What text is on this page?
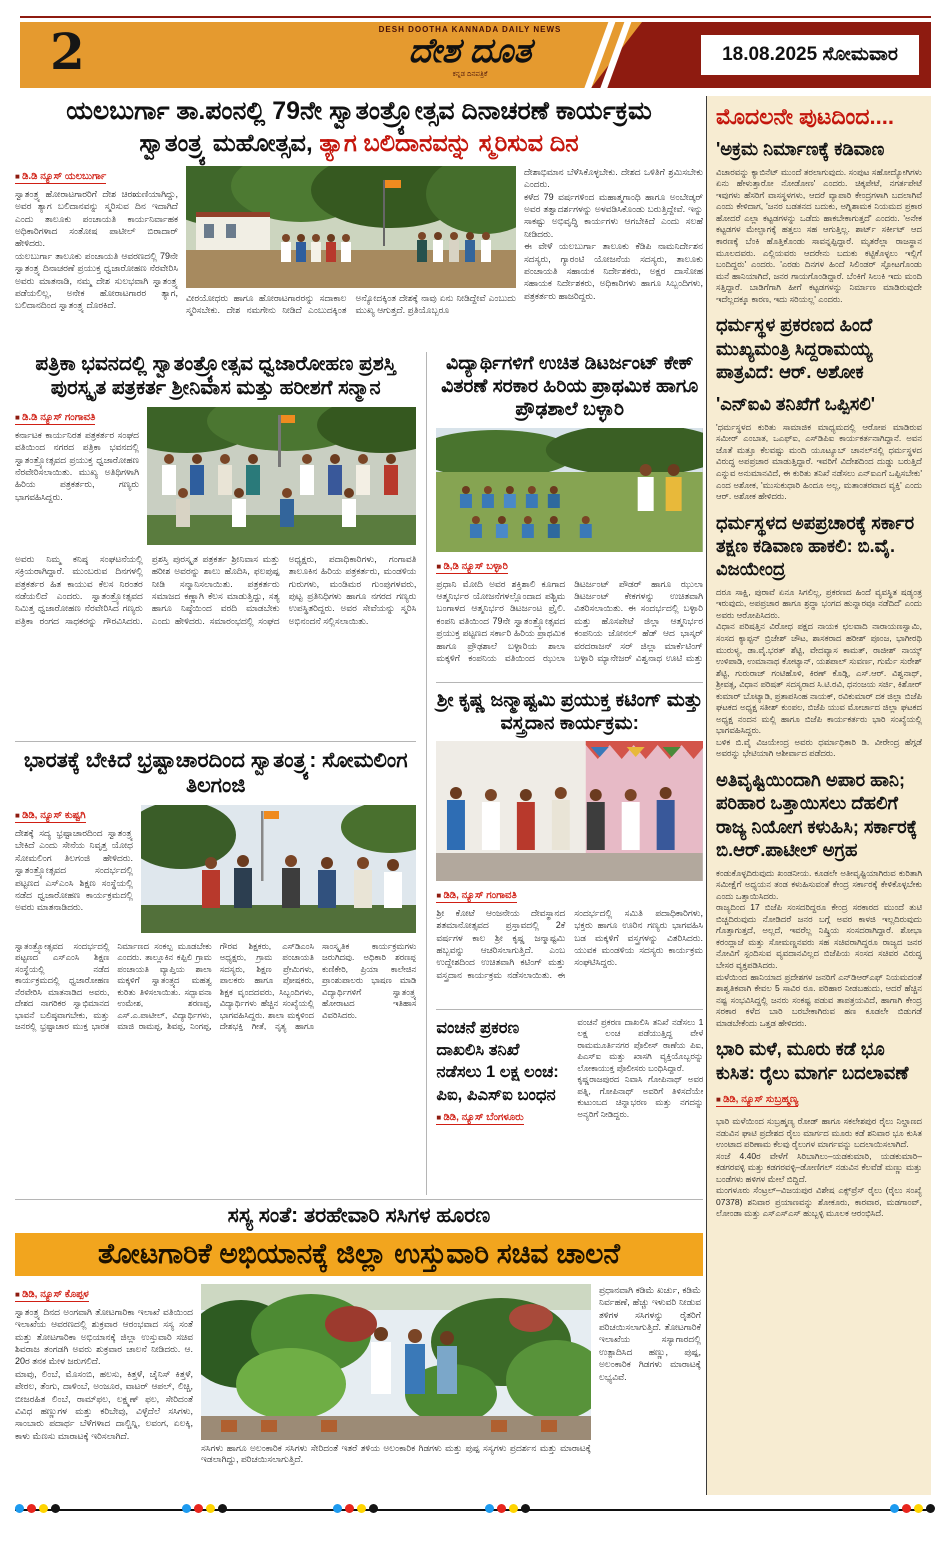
2	DESH DOOTHA KANNADA DAILY NEWS
ದೇಶ ದೂತ
ಕನ್ನಡ ದಿನಪತ್ರಿಕೆ
18.08.2025 ಸೋಮವಾರ
ಯಲಬುರ್ಗಾ ತಾ.ಪಂನಲ್ಲಿ 79ನೇ ಸ್ವಾತಂತ್ರ್ಯೋತ್ಸವ ದಿನಾಚರಣೆ ಕಾರ್ಯಕ್ರಮ
ಸ್ವಾತಂತ್ರ್ಯ ಮಹೋತ್ಸವ, ತ್ಯಾಗ ಬಲಿದಾನವನ್ನು ಸ್ಮರಿಸುವ ದಿನ
■ ಡಿ.ಡಿ ನ್ಯೂಸ್ ಯಲಬುರ್ಗಾ
ಸ್ವಾತಂತ್ರ್ಯ ಹೋರಾಟಗಾರರಿಗೆ ದೇಶ ಚಿರಋಣಿಯಾಗಿದ್ದು, ಅವರ ತ್ಯಾಗ ಬಲಿದಾನವನ್ನು ಸ್ಮರಿಸುವ ದಿನ ಇದಾಗಿದೆ ಎಂದು ತಾಲೂಕು ಪಂಚಾಯತಿ ಕಾರ್ಯನಿರ್ವಾಹಕ ಅಧಿಕಾರಿಗಳಾದ ಸಂತೋಷ ಪಾಟೀಲ್ ಬಿರಾದಾರ್ ಹೇಳಿದರು.
ಯಲಬುರ್ಗಾ ತಾಲೂಕು ಪಂಚಾಯತಿ ಆವರಣದಲ್ಲಿ 79ನೇ ಸ್ವಾತಂತ್ರ್ಯ ದಿನಾಚರಣೆ ಪ್ರಯುಕ್ತ ಧ್ವಜಾರೋಹಣ ನೆರವೇರಿಸಿ ಅವರು ಮಾತನಾಡಿ, ನಮ್ಮ ದೇಶ ಸುಲಭವಾಗಿ ಸ್ವಾತಂತ್ರ್ಯ ಪಡೆಯಲಿಲ್ಲ, ಅನೇಕ ಹೋರಾಟಗಾರರ ತ್ಯಾಗ, ಬಲಿದಾನದಿಂದ ಸ್ವಾತಂತ್ರ್ಯ ದೊರಕಿದೆ.
ವೀರಯೋಧರು ಹಾಗೂ ಹೋರಾಟಗಾರರನ್ನು ಸದಾಕಾಲ ಸ್ಮರಿಸಬೇಕು. ದೇಶ ನಮಗೇನು ನೀಡಿದೆ ಎಂಬುದಕ್ಕಿಂತ ಅನ್ಯೋದಕ್ಕಿಂತ ದೇಶಕ್ಕೆ ನಾವು ಏನು ನೀಡಿದ್ದೇವೆ ಎಂಬುದು ಮುಖ್ಯ ಆಗುತ್ತದೆ. ಪ್ರತಿಯೊಬ್ಬರೂ
ದೇಶಾಭಿಮಾನ ಬೆಳೆಸಿಕೊಳ್ಳಬೇಕು. ದೇಶದ ಒಳಿತಿಗೆ ಶ್ರಮಿಸಬೇಕು ಎಂದರು.
ಕಳೆದ 79 ವರ್ಷಗಳಿಂದ ಮಹಾತ್ಮಗಾಂಧಿ ಹಾಗೂ ಅಂಬೇಡ್ಕರ್ ಅವರ ತತ್ವಾದರ್ಶಗಳನ್ನು ಅಳವಡಿಸಿಕೊಂಡು ಬರುತ್ತಿದ್ದೇವೆ. ಇನ್ನು ಸಾಕಷ್ಟು ಅಭಿವೃದ್ಧಿ ಕಾರ್ಯಗಳು ಆಗಬೇಕಿದೆ ಎಂದು ಸಲಹೆ ನೀಡಿದರು.
ಈ ವೇಳೆ ಯಲಬುರ್ಗಾ ತಾಲೂಕು ಕೆಡಿಪಿ ನಾಮನಿರ್ದೇಶನ ಸದಸ್ಯರು, ಗ್ಯಾರಂಟಿ ಯೋಜನೆಯ ಸದಸ್ಯರು, ತಾಲೂಕು ಪಂಚಾಯತಿ ಸಹಾಯಕ ನಿರ್ದೇಶಕರು, ಅಕ್ಷರ ದಾಸೋಹ ಸಹಾಯಕ ನಿರ್ದೇಶಕರು, ಅಧಿಕಾರಿಗಳು ಹಾಗೂ ಸಿಬ್ಬಂದಿಗಳು, ಪತ್ರಕರ್ತರು ಹಾಜರಿದ್ದರು.
ಪತ್ರಿಕಾ ಭವನದಲ್ಲಿ ಸ್ವಾತಂತ್ರ್ಯೋತ್ಸವ ಧ್ವಜಾರೋಹಣ ಪ್ರಶಸ್ತಿ ಪುರಸ್ಕೃತ ಪತ್ರಕರ್ತ ಶ್ರೀನಿವಾಸ ಮತ್ತು ಹರೀಶಗೆ ಸನ್ಮಾನ
■ ಡಿ.ಡಿ ನ್ಯೂಸ್ ಗಂಗಾವತಿ
ಕರ್ನಾಟಕ ಕಾರ್ಯನಿರತ ಪತ್ರಕರ್ತರ ಸಂಘದ ವತಿಯಿಂದ ನಗರದ ಪತ್ರಿಕಾ ಭವನದಲ್ಲಿ ಸ್ವಾತಂತ್ರ್ಯೋತ್ಸವದ ಪ್ರಯುಕ್ತ ಧ್ವಜಾರೋಹಣ ನೆರವೇರಿಸಲಾಯಿತು. ಮುಖ್ಯ ಅತಿಥಿಗಳಾಗಿ ಹಿರಿಯ ಪತ್ರಕರ್ತರು, ಗಣ್ಯರು ಭಾಗವಹಿಸಿದ್ದರು.
ಅವರು ನಿಮ್ಮ ಕನಿಷ್ಠ ಸಂಘಟನೆಯಲ್ಲಿ ಸಕ್ರಿಯರಾಗಿದ್ದಾರೆ. ಮುಂಬರುವ ದಿನಗಳಲ್ಲಿ ಪತ್ರಕರ್ತರ ಹಿತ ಕಾಯುವ ಕೆಲಸ ನಿರಂತರ ನಡೆಯಲಿದೆ ಎಂದರು. ಸ್ವಾತಂತ್ರ್ಯೋತ್ಸವದ ನಿಮಿತ್ತ ಧ್ವಜಾರೋಹಣ ನೆರವೇರಿಸಿದ ಗಣ್ಯರು ಪತ್ರಿಕಾ ರಂಗದ ಸಾಧಕರನ್ನು ಗೌರವಿಸಿದರು. ಪ್ರಶಸ್ತಿ ಪುರಸ್ಕೃತ ಪತ್ರಕರ್ತ ಶ್ರೀನಿವಾಸ ಮತ್ತು ಹರೀಶ ಅವರನ್ನು ಶಾಲು ಹೊದಿಸಿ, ಫಲಪುಷ್ಪ ನೀಡಿ ಸನ್ಮಾನಿಸಲಾಯಿತು. ಪತ್ರಕರ್ತರು ಸಮಾಜದ ಕಣ್ಣಾಗಿ ಕೆಲಸ ಮಾಡುತ್ತಿದ್ದು, ಸತ್ಯ ಹಾಗೂ ನಿಷ್ಠೆಯಿಂದ ವರದಿ ಮಾಡಬೇಕು ಎಂದು ಹೇಳಿದರು. ಸಮಾರಂಭದಲ್ಲಿ ಸಂಘದ ಅಧ್ಯಕ್ಷರು, ಪದಾಧಿಕಾರಿಗಳು, ಗಂಗಾವತಿ ತಾಲೂಕಿನ ಹಿರಿಯ ಪತ್ರಕರ್ತರು, ಮಂಡಳಿಯ ಗುರುಗಳು, ಮಂಡಿಮರ ಗುಂಪುಗಳವರು, ಪುಟ್ಟ ಪ್ರತಿನಿಧಿಗಳು ಹಾಗೂ ನಗರದ ಗಣ್ಯರು ಉಪಸ್ಥಿತರಿದ್ದರು. ಅವರ ಸೇವೆಯನ್ನು ಸ್ಮರಿಸಿ ಅಭಿನಂದನೆ ಸಲ್ಲಿಸಲಾಯಿತು.
ಭಾರತಕ್ಕೆ ಬೇಕಿದೆ ಭ್ರಷ್ಟಾಚಾರದಿಂದ ಸ್ವಾತಂತ್ರ್ಯ: ಸೋಮಲಿಂಗ ತಿಲಗಂಜಿ
■ ಡಿಡಿ, ನ್ಯೂಸ್ ಕುಷ್ಟಗಿ
ದೇಶಕ್ಕೆ ಸದ್ಯ ಭ್ರಷ್ಟಾಚಾರದಿಂದ ಸ್ವಾತಂತ್ರ್ಯ ಬೇಕಿದೆ ಎಂದು ಸೇನೆಯ ನಿವೃತ್ತ ಯೋಧ ಸೋಮಲಿಂಗ ತಿಲಗಂಜಿ ಹೇಳಿದರು. ಸ್ವಾತಂತ್ರ್ಯೋತ್ಸವದ ಸಂದರ್ಭದಲ್ಲಿ ಪಟ್ಟಣದ ಎಸ್‌ಎಂಸಿ ಶಿಕ್ಷಣ ಸಂಸ್ಥೆಯಲ್ಲಿ ನಡೆದ ಧ್ವಜಾರೋಹಣ ಕಾರ್ಯಕ್ರಮದಲ್ಲಿ ಅವರು ಮಾತನಾಡಿದರು.
ಸ್ವಾತಂತ್ರ್ಯೋತ್ಸವದ ಸಂದರ್ಭದಲ್ಲಿ ಪಟ್ಟಣದ ಎಸ್‌ಎಂಸಿ ಶಿಕ್ಷಣ ಸಂಸ್ಥೆಯಲ್ಲಿ ನಡೆದ ಕಾರ್ಯಕ್ರಮದಲ್ಲಿ ಧ್ವಜಾರೋಹಣ ನೆರವೇರಿಸಿ ಮಾತನಾಡಿದ ಅವರು, ದೇಶದ ನಾಗರಿಕರ ಸ್ವಾಭಿಮಾನದ ಭಾವನೆ ಬಲಿಷ್ಠವಾಗಬೇಕು, ಮತ್ತು ಜನರಲ್ಲಿ ಭ್ರಷ್ಟಾಚಾರ ಮುಕ್ತ ಭಾರತ ನಿರ್ಮಾಣದ ಸಂಕಲ್ಪ ಮೂಡಬೇಕು ಎಂದರು. ತಾಲ್ಲೂಕಿನ ಕಪ್ಪಿಲಿ ಗ್ರಾಮ ಪಂಚಾಯತಿ ವ್ಯಾಪ್ತಿಯ ಶಾಲಾ ಮಕ್ಕಳಿಗೆ ಸ್ವಾತಂತ್ರ್ಯದ ಮಹತ್ವ ಕುರಿತು ತಿಳಿಸಲಾಯಿತು. ಸದ್ಭಾವನಾ ಉಮೇಶ, ಶರಣಪ್ಪ, ಎಸ್.ಎ.ಪಾಟೀಲ್, ವಿದ್ಯಾರ್ಥಿಗಳು, ಮಾಜಿ ರಾಮಪ್ಪ, ಶಿವಪ್ಪ, ನಿಂಗಪ್ಪ, ಗೌರವ ಶಿಕ್ಷಕರು, ಎಸ್‌ಡಿಎಂಸಿ ಅಧ್ಯಕ್ಷರು, ಗ್ರಾಮ ಪಂಚಾಯತಿ ಸದಸ್ಯರು, ಶಿಕ್ಷಣ ಪ್ರೇಮಿಗಳು, ಪಾಲಕರು ಹಾಗೂ ಪೋಷಕರು, ಶಿಕ್ಷಕ ವೃಂದದವರು, ಸಿಬ್ಬಂದಿಗಳು, ವಿದ್ಯಾರ್ಥಿಗಳು ಹೆಚ್ಚಿನ ಸಂಖ್ಯೆಯಲ್ಲಿ ಭಾಗವಹಿಸಿದ್ದರು. ಶಾಲಾ ಮಕ್ಕಳಿಂದ ದೇಶಭಕ್ತಿ ಗೀತೆ, ನೃತ್ಯ ಹಾಗೂ ಸಾಂಸ್ಕೃತಿಕ ಕಾರ್ಯಕ್ರಮಗಳು ಜರುಗಿದವು. ಅಧಿಕಾರಿ ಶರಣಪ್ಪ ಕುಣಿಕೇರಿ, ಪ್ರಿಯಾ ಕಾಲೇಜಿನ ಪ್ರಾಂಶುಪಾಲರು ಭಾಷಣ ಮಾಡಿ ವಿದ್ಯಾರ್ಥಿಗಳಿಗೆ ಸ್ವಾತಂತ್ರ್ಯ ಹೋರಾಟದ ಇತಿಹಾಸ ವಿವರಿಸಿದರು.
ವಿದ್ಯಾರ್ಥಿಗಳಿಗೆ ಉಚಿತ ಡಿಟರ್ಜಂಟ್ ಕೇಕ್ ವಿತರಣೆ ಸರಕಾರ ಹಿರಿಯ ಪ್ರಾಥಮಿಕ ಹಾಗೂ ಪ್ರೌಢಶಾಲೆ ಬಳ್ಳಾರಿ
■ ಡಿ,ಡಿ ನ್ಯೂಸ್ ಬಳ್ಳಾರಿ
ಪ್ರಧಾನಿ ಮೋದಿ ಅವರ ಶಕ್ತಿಶಾಲಿ ಕೂಗಾದ ಆತ್ಮನಿರ್ಭರ ಯೋಜನೆಗಳಲ್ಲೊಂದಾದ ಪಶ್ಚಿಮ ಬಂಗಾಳದ ಆತ್ಮನಿರ್ಭರ ಡಿಟರ್ಜಂಟ ಪ್ರೈಲಿ. ಕಂಪನಿ ವತಿಯಿಂದ 79ನೇ ಸ್ವಾತಂತ್ರ್ಯೋತ್ಸವದ ಪ್ರಯುಕ್ತ ಪಟ್ಟಣದ ಸರ್ಕಾರಿ ಹಿರಿಯ ಪ್ರಾಥಮಿಕ ಹಾಗೂ ಪ್ರೌಢಶಾಲೆ ಬಳ್ಳಾರಿಯ ಶಾಲಾ ಮಕ್ಕಳಿಗೆ ಕಂಪನಿಯ ವತಿಯಿಂದ ಝುಲಾ ಡಿಟರ್ಜಂಟ್ ಪೌಡರ್ ಹಾಗೂ ಝುಲಾ ಡಿಟರ್ಜಂಟ್ ಕೇಕಗಳನ್ನು ಉಚಿತವಾಗಿ ವಿತರಿಸಲಾಯಿತು. ಈ ಸಂದರ್ಭದಲ್ಲಿ ಬಳ್ಳಾರಿ ಮತ್ತು ಹೊಸಪೇಟೆ ಜಿಲ್ಲಾ ಆತ್ಮನಿರ್ಭರ ಕಂಪನಿಯ ಜೋನಲ್ ಹೆಡ್ ಆದ ಭಾಸ್ಕರ್ ವರದರಾಜನ್ ಸರ್ ಜಿಲ್ಲಾ ಮಾರ್ಕೆಟಿಂಗ್ ಬಳ್ಳಾರಿ ಮ್ಯಾನೇಜರ್ ವಿಶ್ವನಾಥ ಊಟಿ ಮತ್ತು
ಶ್ರೀ ಕೃಷ್ಣ ಜನ್ಮಾಷ್ಟಮಿ ಪ್ರಯುಕ್ತ ಕಟಿಂಗ್ ಮತ್ತು ವಸ್ತ್ರದಾನ ಕಾರ್ಯಕ್ರಮ:
■ ಡಿಡಿ, ನ್ಯೂಸ್ ಗಂಗಾವತಿ
ಶ್ರೀ ಕೋಟೆ ಆಂಜನೇಯ ದೇವಸ್ಥಾನದ ಶತಮಾನೋತ್ಸವದ ಪ್ರಸ್ತಾವದಲ್ಲಿ 2ಕೆ ವರ್ಷಗಳ ಕಾಲ ಶ್ರೀ ಕೃಷ್ಣ ಜನ್ಮಾಷ್ಟಮಿ ಹಬ್ಬವನ್ನು ಆಚರಿಸಲಾಗುತ್ತಿದೆ. ಎಂಬ ಉದ್ದೇಶದಿಂದ ಉಚಿತವಾಗಿ ಕಟಿಂಗ್ ಮತ್ತು ವಸ್ತ್ರದಾನ ಕಾರ್ಯಕ್ರಮ ನಡೆಸಲಾಯಿತು. ಈ ಸಂದರ್ಭದಲ್ಲಿ ಸಮಿತಿ ಪದಾಧಿಕಾರಿಗಳು, ಭಕ್ತರು ಹಾಗೂ ಊರಿನ ಗಣ್ಯರು ಭಾಗವಹಿಸಿ ಬಡ ಮಕ್ಕಳಿಗೆ ವಸ್ತ್ರಗಳನ್ನು ವಿತರಿಸಿದರು. ಯುವಕ ಮಂಡಳಿಯ ಸದಸ್ಯರು ಕಾರ್ಯಕ್ರಮ ಸಂಘಟಿಸಿದ್ದರು.
ವಂಚನೆ ಪ್ರಕರಣ ದಾಖಲಿಸಿ ತನಿಖೆ ನಡೆಸಲು 1 ಲಕ್ಷ ಲಂಚ: ಪಿಐ, ಪಿಎಸ್‌ಐ ಬಂಧನ
■ ಡಿಡಿ, ನ್ಯೂಸ್ ಬೆಂಗಳೂರು
ವಂಚನೆ ಪ್ರಕರಣ ದಾಖಲಿಸಿ ತನಿಖೆ ನಡೆಸಲು 1 ಲಕ್ಷ ಲಂಚ ಪಡೆಯುತ್ತಿದ್ದ ವೇಳೆ ರಾಮಮೂರ್ತಿನಗರ ಪೊಲೀಸ್ ಠಾಣೆಯ ಪಿಐ, ಪಿಎಸ್‌ಐ ಮತ್ತು ಖಾಸಗಿ ವ್ಯಕ್ತಿಯೊಬ್ಬರನ್ನು ಲೋಕಾಯುಕ್ತ ಪೊಲೀಸರು ಬಂಧಿಸಿದ್ದಾರೆ.
ಕೃಷ್ಣರಾಜಪುರದ ನಿವಾಸಿ ಗೋಪಿನಾಥ್ ಅವರ ಪತ್ನಿ, ಗೋಪಿನಾಥ್ ಅವರಿಗೆ ತಿಳಿಸದೆಯೇ ಕುಟುಂಬದ ಚಿನ್ನಾಭರಣ ಮತ್ತು ನಗದನ್ನು ಅನ್ಯರಿಗೆ ನೀಡಿದ್ದರು.
ಸಸ್ಯ ಸಂತೆ: ತರಹೇವಾರಿ ಸಸಿಗಳ ಹೂರಣ
ತೋಟಗಾರಿಕೆ ಅಭಿಯಾನಕ್ಕೆ ಜಿಲ್ಲಾ ಉಸ್ತುವಾರಿ ಸಚಿವ ಚಾಲನೆ
■ ಡಿಡಿ, ನ್ಯೂಸ್ ಕೊಪ್ಪಳ
ಸ್ವಾತಂತ್ರ್ಯ ದಿನದ ಅಂಗವಾಗಿ ತೋಟಗಾರಿಕಾ ಇಲಾಖೆ ವತಿಯಿಂದ ಇಲಾಖೆಯ ಆವರಣದಲ್ಲಿ ಶುಕ್ರವಾರ ಆರಂಭವಾದ ಸಸ್ಯ ಸಂತೆ ಮತ್ತು ತೋಟಗಾರಿಕಾ ಅಭಿಯಾನಕ್ಕೆ ಜಿಲ್ಲಾ ಉಸ್ತುವಾರಿ ಸಚಿವ ಶಿವರಾಜ ತಂಗಡಗಿ ಅವರು ಶುಕ್ರವಾರ ಚಾಲನೆ ನೀಡಿದರು. ಆ. 20ರ ತನಕ ಮೇಳ ಜರುಗಲಿದೆ.
ಮಾವು, ಲಿಂಬೆ, ಮೊಸಂಬಿ, ಹಲಸು, ಕಿತ್ತಳೆ, ಚೈನಿಸ್ ಕಿತ್ತಳೆ, ಪೇರಲ, ತೆಂಗು, ದಾಳಿಂಬೆ, ಅಂಜೂರ, ವಾಟರ್ ಆಪಲ್, ಲಿಚ್ಚಿ, ಬೀಜರಹಿತ ಲಿಂಬೆ, ರಾಮ್‌ಫಲ, ಲಕ್ಷ್ಮಣ್ ಫಲ, ಸೇರಿದಂತೆ ವಿವಿಧ ಹಣ್ಣುಗಳ ಮತ್ತು ಕರಿಬೇವು, ವಿಳ್ಳೆದೆಲೆ ಸಸಿಗಳು, ಸಾಂಬಾರು ಪದಾರ್ಥ ಬೆಳೆಗಳಾದ ದಾಲ್ಚಿನ್ನಿ, ಲವಂಗ, ಏಲಕ್ಕಿ, ಕಾಳು ಮೆಣಸು ಮಾರಾಟಕ್ಕೆ ಇರಿಸಲಾಗಿದೆ.
ಸಸಿಗಳು ಹಾಗೂ ಅಲಂಕಾರಿಕ ಸಸಿಗಳು ಸೇರಿದಂತೆ ಇತರೆ ತಳಿಯ ಅಲಂಕಾರಿಕ ಗಿಡಗಳು ಮತ್ತು ಪುಷ್ಪ ಸಸ್ಯಗಳು ಪ್ರದರ್ಶನ ಮತ್ತು ಮಾರಾಟಕ್ಕೆ ಇಡಲಾಗಿದ್ದು, ಪರಿಚಯಿಸಲಾಗುತ್ತಿದೆ.
ಪ್ರಧಾನವಾಗಿ ಕಡಿಮೆ ಖರ್ಚು, ಕಡಿಮೆ ನಿರ್ವಹಣೆ, ಹೆಚ್ಚು ಇಳುವರಿ ನೀಡುವ ತಳಿಗಳ ಸಸಿಗಳನ್ನು ರೈತರಿಗೆ ಪರಿಚಯಿಸಲಾಗುತ್ತಿದೆ. ತೋಟಗಾರಿಕೆ ಇಲಾಖೆಯ ಸಸ್ಯಾಗಾರದಲ್ಲಿ ಉತ್ಪಾದಿಸಿದ ಹಣ್ಣು, ಪುಷ್ಪ, ಅಲಂಕಾರಿಕ ಗಿಡಗಳು ಮಾರಾಟಕ್ಕೆ ಲಭ್ಯವಿವೆ.
ಮೊದಲನೇ ಪುಟದಿಂದ....
'ಅಕ್ರಮ ನಿರ್ಮಾಣಕ್ಕೆ ಕಡಿವಾಣ
ವಿಚಾರವನ್ನು ಕ್ಯಾಬಿನೆಟ್ ಮುಂದೆ ತರಲಾಗುವುದು. ಸಂಪುಟ ಸಹೋದ್ಯೋಗಿಗಳು ಏನು ಹೇಳುತ್ತಾರೋ ನೋಡೋಣ' ಎಂದರು. ಚಿಕ್ಕಪೇಟೆ, ನಗರ್ತಪೇಟೆ ಇವುಗಳು ಹೆಸರಿಗೆ ವಾಸಸ್ಥಳಗಳು, ಆದರೆ ವ್ಯಾಪಾರಿ ಕೇಂದ್ರಗಳಾಗಿ ಬದಲಾಗಿವೆ ಎಂದು ಕೇಳಿದಾಗ, 'ಜನರ ಬಡತನದ ಬದುಕು, ಅಗ್ನಿಶಾಮಕ ನಿಯಮದ ಪ್ರಕಾರ ಹೋದರೆ ಎಲ್ಲಾ ಕಟ್ಟಡಗಳನ್ನು ಒಡೆದು ಹಾಕಬೇಕಾಗುತ್ತದೆ' ಎಂದರು. 'ಅನೇಕ ಕಟ್ಟಡಗಳ ಮೇಲ್ಭಾಗಕ್ಕೆ ಹತ್ತಲು ಸಹ ಆಗುತ್ತಿಲ್ಲ. ಶಾರ್ಟ್ ಸರ್ಕೀಟ್ ಆದ ಕಾರಣಕ್ಕೆ ಬೆಂಕಿ ಹೊತ್ತಿಕೊಂಡು ಸಾವನ್ನಪ್ಪಿದ್ದಾರೆ. ಮೃತರೆಲ್ಲಾ ರಾಜಸ್ಥಾನ ಮೂಲದವರು. ಎಲ್ಲಿಯವರು ಆದರೇನು ಬದುಕು ಕಟ್ಟಿಕೊಳ್ಳಲು ಇಲ್ಲಿಗೆ ಬಂದಿದ್ದರು' ಎಂದರು. 'ಎರಡು ದಿನಗಳ ಹಿಂದೆ ಸಿಲಿಂಡರ್ ಸ್ಫೋಟಗೊಂಡು ಮನೆ ಹಾನಿಯಾಗಿದೆ, ಜನರ ಗಾಯಗೊಂಡಿದ್ದಾರೆ. ಬೆಂಕಿಗೆ ಸಿಲುಕಿ ಇದು ಮಂದಿ ಸತ್ತಿದ್ದಾರೆ. ಬಾಡಿಗೆಗಾಗಿ ಹೀಗೆ ಕಟ್ಟಡಗಳನ್ನು ನಿರ್ಮಾಣ ಮಾಡಿರುವುದೇ ಇದೆಲ್ಲದಕ್ಕೂ ಕಾರಣ, ಇದು ಸರಿಯಲ್ಲ' ಎಂದರು.
ಧರ್ಮಸ್ಥಳ ಪ್ರಕರಣದ ಹಿಂದೆ ಮುಖ್ಯಮಂತ್ರಿ ಸಿದ್ದರಾಮಯ್ಯ ಪಾತ್ರವಿದೆ: ಆರ್. ಅಶೋಕ
'ಎನ್‌ಐವಿ ತನಿಖೆಗೆ ಒಪ್ಪಿಸಲಿ'
'ಧರ್ಮಸ್ಥಳದ ಕುರಿತು ಸಾಮಾಜಿಕ ಮಾಧ್ಯಮದಲ್ಲಿ ಆರೋಪ ಮಾಡಿರುವ ಸಮೀರ್ ಎಂಬಾತ, ಒಎಫ್‌ಐ, ಎಸ್‌ಡಿಪಿಐ ಕಾರ್ಯಕರ್ತನಾಗಿದ್ದಾನೆ. ಅವನ ಜೊತೆ ಮತ್ತೂ ಕೆಲವಷ್ಟು ಮಂದಿ ಯೂಟ್ಯೂಬ್ ಚಾನಲ್‌ನಲ್ಲಿ ಧರ್ಮಸ್ಥಳದ ವಿರುದ್ಧ ಅಪಪ್ರಚಾರ ಮಾಡುತ್ತಿದ್ದಾರೆ. ಇವರಿಗೆ ವಿದೇಶದಿಂದ ದುಡ್ಡು ಬರುತ್ತಿದೆ ಎನ್ನುವ ಅನುಮಾನವಿದೆ, ಈ ಕುರಿತು ತನಿಖೆ ನಡೆಸಲು ಎನ್‌ಐಎಗೆ ಒಪ್ಪಿಸಬೇಕು' ಎಂದ ಅಶೋಕ, 'ಮುಸುಕುಧಾರಿ ಹಿಂದೂ ಅಲ್ಲ, ಮತಾಂತರವಾದ ವ್ಯಕ್ತಿ' ಎಂದು ಆರ್. ಅಶೋಕ ಹೇಳಿದರು.
ಧರ್ಮಸ್ಥಳದ ಅಪಪ್ರಚಾರಕ್ಕೆ ಸರ್ಕಾರ ತಕ್ಷಣ ಕಡಿವಾಣ ಹಾಕಲಿ: ಬಿ.ವೈ. ವಿಜಯೇಂದ್ರ
ದರೂ ಸಾಕ್ಷಿ, ಪುರಾವೆ ಏನೂ ಸಿಗಲಿಲ್ಲ, ಪ್ರಕರಣದ ಹಿಂದೆ ವ್ಯವಸ್ಥಿತ ಷಡ್ಯಂತ್ರ ಇರುವುದು, ಅಪಪ್ರಚಾರ ಹಾಗೂ ಶ್ರದ್ಧಾ ಭಂಗದ ಹುನ್ನಾರವೂ ನಡೆದಿದೆ' ಎಂದು ಅವರು ಆರೋಪಿಸಿದರು.
ವಿಧಾನ ಪರಿಷತ್ತಿನ ವಿರೋಧ ಪಕ್ಷದ ನಾಯಕ ಛಲವಾದಿ ನಾರಾಯಣಸ್ವಾಮಿ, ಸಂಸದ ಕ್ಯಾಪ್ಟನ್ ಬ್ರಿಜೇಶ್ ಚೌಟ, ಶಾಸಕರಾದ ಹರೀಶ್ ಪೂಂಜ, ಭಾಗೀರಥಿ ಮುರುಳ್ಯ, ಡಾ.ವೈ.ಭರತ್ ಶೆಟ್ಟಿ, ವೇದವ್ಯಾಸ ಕಾಮತ್, ರಾಜೀಶ್ ನಾಯ್ಕ್ ಉಳಿಪಾಡಿ, ಉಮಾನಾಥ ಕೋಟ್ಯಾನ್, ಯಶಪಾಲ್ ಸುವರ್ಣ, ಗುರ್ಮೆ ಸುರೇಶ್ ಶೆಟ್ಟಿ, ಗುರುರಾಜ್ ಗಂಟಿಹೊಳಿ, ಕಿರಣ್ ಕೊಡ್ಗಿ, ಎಸ್.ಆರ್. ವಿಶ್ವನಾಥ್, ಶ್ರೀವತ್ಸ, ವಿಧಾನ ಪರಿಷತ್ ಸದಸ್ಯರಾದ ಸಿ.ಟಿ.ರವಿ, ಧನಂಜಯ ಸರ್ಜಿ, ಕಿಶೋರ್ ಕುಮಾರ್ ಬೊಟ್ಯಾಡಿ, ಪ್ರತಾಪಸಿಂಹ ನಾಯಕ್, ರವಿಕುಮಾರ್ ದಕ ಜಿಲ್ಲಾ ಬಿಜೆಪಿ ಘಟಕದ ಅಧ್ಯಕ್ಷ ಸತೀಶ್ ಕುಂಪಲ, ಬಿಜೆಪಿ ಯುವ ಮೋರ್ಚಾದ ಜಿಲ್ಲಾ ಘಟಕದ ಅಧ್ಯಕ್ಷ ನಂದನ ಮಲ್ಲಿ ಹಾಗೂ ಬಿಜೆಪಿ ಕಾರ್ಯಕರ್ತರು ಭಾರಿ ಸಂಖ್ಯೆಯಲ್ಲಿ ಭಾಗವಹಿಸಿದ್ದರು.
ಬಳಿಕ ಬಿ.ವೈ ವಿಜಯೇಂದ್ರ ಅವರು ಧರ್ಮಾಧಿಕಾರಿ ಡಿ. ವೀರೇಂದ್ರ ಹೆಗ್ಗಡೆ ಅವರನ್ನು ಭೇಟಿಯಾಗಿ ಆಶೀರ್ವಾದ ಪಡೆದರು.
ಅತಿವೃಷ್ಟಿಯಿಂದಾಗಿ ಅಪಾರ ಹಾನಿ; ಪರಿಹಾರ ಒತ್ತಾಯಿಸಲು ದೆಹಲಿಗೆ ರಾಜ್ಯ ನಿಯೋಗ ಕಳುಹಿಸಿ; ಸರ್ಕಾರಕ್ಕೆ ಬಿ.ಆರ್.ಪಾಟೀಲ್ ಅಗ್ರಹ
ಕಂಡುಕೊಳ್ಳದಿರುವುದು ಖಂಡನೀಯ. ಕೂಡಲೇ ಅತೀವೃಷ್ಟಿಯಾಗಿರುವ ಕುರಿತಾಗಿ ಸಮೀಕ್ಷೆಗೆ ಅಧ್ಯಯನ ತಂಡ ಕಳುಹಿಸುವಂತೆ ಕೇಂದ್ರ ಸರ್ಕಾರಕ್ಕೆ ಕೇಳಿಕೊಳ್ಳಬೇಕು ಎಂದು ಒತ್ತಾಯಿಸಿದರು.
ರಾಜ್ಯದಿಂದ 17 ಬಿಜೆಪಿ ಸಂಸದರಿದ್ದರೂ ಕೇಂದ್ರ ಸರಕಾರದ ಮುಂದೆ ತುಟಿ ಬಿಚ್ಚದಿರುವುದು ನೋಡಿದರೆ ಜನರ ಬಗ್ಗೆ ಅವರ ಕಾಳಜಿ ಇಲ್ಲದಿರುವುದು ಗೊತ್ತಾಗುತ್ತದೆ, ಅಲ್ಲದೆ, ಇವರೆಲ್ಲ ನಿಷ್ಕ್ರಿಯ ಸಂಸದರಾಗಿದ್ದಾರೆ. ಶೋಭಾ ಕರಂದ್ಲಾಜೆ ಮತ್ತು ಸೋಮಣ್ಣನವರು ಸಹ ಸಚಿವರಾಗಿದ್ದರೂ ರಾಜ್ಯದ ಜನರ ನೋವಿಗೆ ಸ್ಪಂದಿಸುವ ವ್ಯವದಾನವಿಲ್ಲದ ಬಿಜೆಪಿಯ ಸಂಸದ ಸಚಿವರ ವಿರುದ್ಧ ಬೇಸರ ವ್ಯಕ್ತಪಡಿಸಿದರು.
ಮಳೆಯಿಂದ ಹಾನಿಯಾದ ಪ್ರದೇಶಗಳ ಜನರಿಗೆ ಎನ್‌ಡಿಆರ್‌ಎಫ್ ನಿಯಮದಂತೆ ಶಾಶ್ವತಿಕವಾಗಿ ಕೇವಲ 5 ಸಾವಿರ ರೂ. ಪರಿಹಾರ ನೀಡಬಹುದು, ಆದರೆ ಹೆಚ್ಚಿನ ನಷ್ಟ ಸಂಭವಿಸಿದ್ದಲ್ಲಿ ಜನರು ಸಂಕಷ್ಟ ಪಡುವ ತಾಪತ್ರಯವಿದೆ, ಹಾಗಾಗಿ ಕೇಂದ್ರ ಸರಕಾರ ಕಳೆದ ಬಾರಿ ಬರಬೇಕಾಗಿರುವ ಹಣ ಕೂಡಲೇ ಬಿಡುಗಡೆ ಮಾಡಬೇಕೆಂದು ಒತ್ತಡ ಹೇಳಿದರು.
ಭಾರಿ ಮಳೆ, ಮೂರು ಕಡೆ ಭೂ ಕುಸಿತ: ರೈಲು ಮಾರ್ಗ ಬದಲಾವಣೆ
■ ಡಿಡಿ, ನ್ಯೂಸ್ ಸುಬ್ರಹ್ಮಣ್ಯ
ಭಾರಿ ಮಳೆಯಿಂದ ಸುಬ್ರಹ್ಮಣ್ಯ ರೋಡ್ ಹಾಗೂ ಸಕಲೇಶಪುರ ರೈಲು ನಿಲ್ದಾಣದ ನಡುವಿನ ಘಾಟಿ ಪ್ರದೇಶದ ರೈಲು ಮಾರ್ಗದ ಮೂರು ಕಡೆ ಶನಿವಾರ ಭೂ ಕುಸಿತ ಉಂಟಾದ ಪರಿಣಾಮ ಕೆಲವು ರೈಲುಗಳ ಮಾರ್ಗವನ್ನು ಬದಲಾಯಿಸಲಾಗಿದೆ.
ಸಂಜೆ 4.40ರ ವೇಳೆಗೆ ಸಿರಿಬಾಗಿಲು–ಯಡಕುಮಾರಿ, ಯಡಕುಮಾರಿ–ಕಡಗರವಳ್ಳಿ ಮತ್ತು ಕಡಗರವಳ್ಳಿ–ಡೋಣಿಗಲ್ ನಡುವಿನ ಕೆಲವೆಡೆ ಮಣ್ಣು ಮತ್ತು ಬಂಡೆಗಳು ಹಳಿಗಳ ಮೇಲೆ ಬಿದ್ದಿದೆ.
ಮಂಗಳೂರು ಸೆಂಟ್ರಲ್–ವಿಜಯಪುರ ವಿಶೇಷ ಎಕ್ಸ್‌ಪ್ರೆಸ್ ರೈಲು (ರೈಲು ಸಂಖ್ಯೆ 07378) ಶನಿವಾರ ಪ್ರಯಾಣವನ್ನು ಶೋಕೂರು, ಕಾರವಾರ, ಮಡಗಾಂವ್, ಲೋಂಡಾ ಮತ್ತು ಎಸ್ಎಸ್ಎಸ್ ಹುಬ್ಬಳ್ಳಿ ಮೂಲಕ ಆರಂಭಿಸಿದೆ.
